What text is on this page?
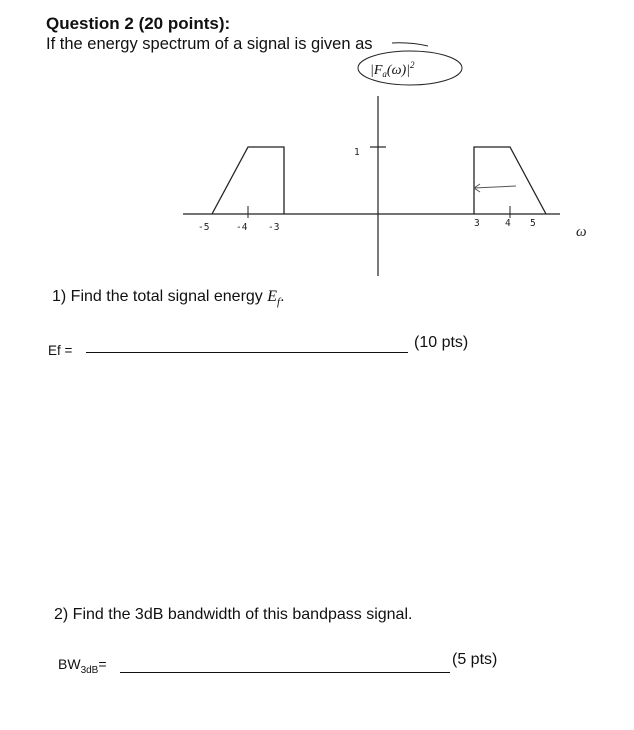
Question 2 (20 points):
If the energy spectrum of a signal is given as
$|F_a(\omega)|^2$
1
-5	-4 -3	3	4 5
ω
1) Find the total signal energy $E_f$.
Ef =	(10 pts)
2) Find the 3dB bandwidth of this bandpass signal.
$BW_{3dB}=$	(5 pts)
